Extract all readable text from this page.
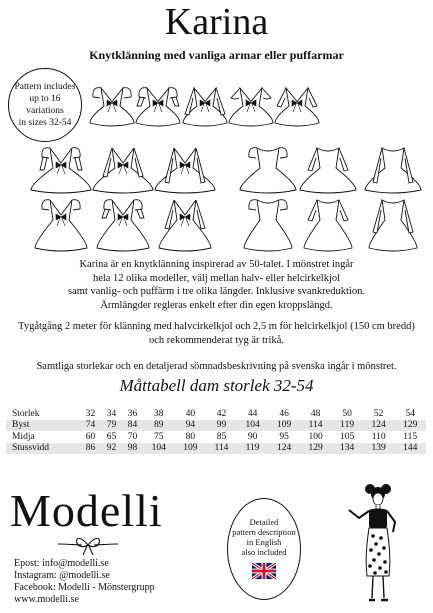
Karina
Knytklänning med vanliga armar eller puffarmar
Pattern includes
up to 16 variations
in sizes 32-54
Karina är en knytklänning inspirerad av 50-talet. I mönstret ingår
hela 12 olika modeller, välj mellan halv- eller helcirkelkjol
samt vanlig- och puffärm i tre olika längder. Inklusive svankreduktion.
Ärmlängder regleras enkelt efter din egen kroppslängd.
Tygåtgång 2 meter för klänning med halvcirkelkjol och 2,5 m för helcirkelkjol (150 cm bredd)
och rekommenderat tyg är trikå.
Samtliga storlekar och en detaljerad sömnadsbeskrivning på svenska ingår i mönstret.
Måttabell dam storlek 32-54
Storlek	32	34	36	38	40	42	44	46	48	50	52	54
Byst	74	79	84	89	94	99	104	109	114	119	124	129
Midja	60	65	70	75	80	85	90	95	100	105	110	115
Stussvidd	86	92	98	104	109	114	119	124	129	134	139	144
Modelli
Epost: info@modelli.se
Instagram: @modelli.se
Facebook: Modelli - Mönstergrupp
www.modelli.se
Detailed
pattern description
in English
also included
